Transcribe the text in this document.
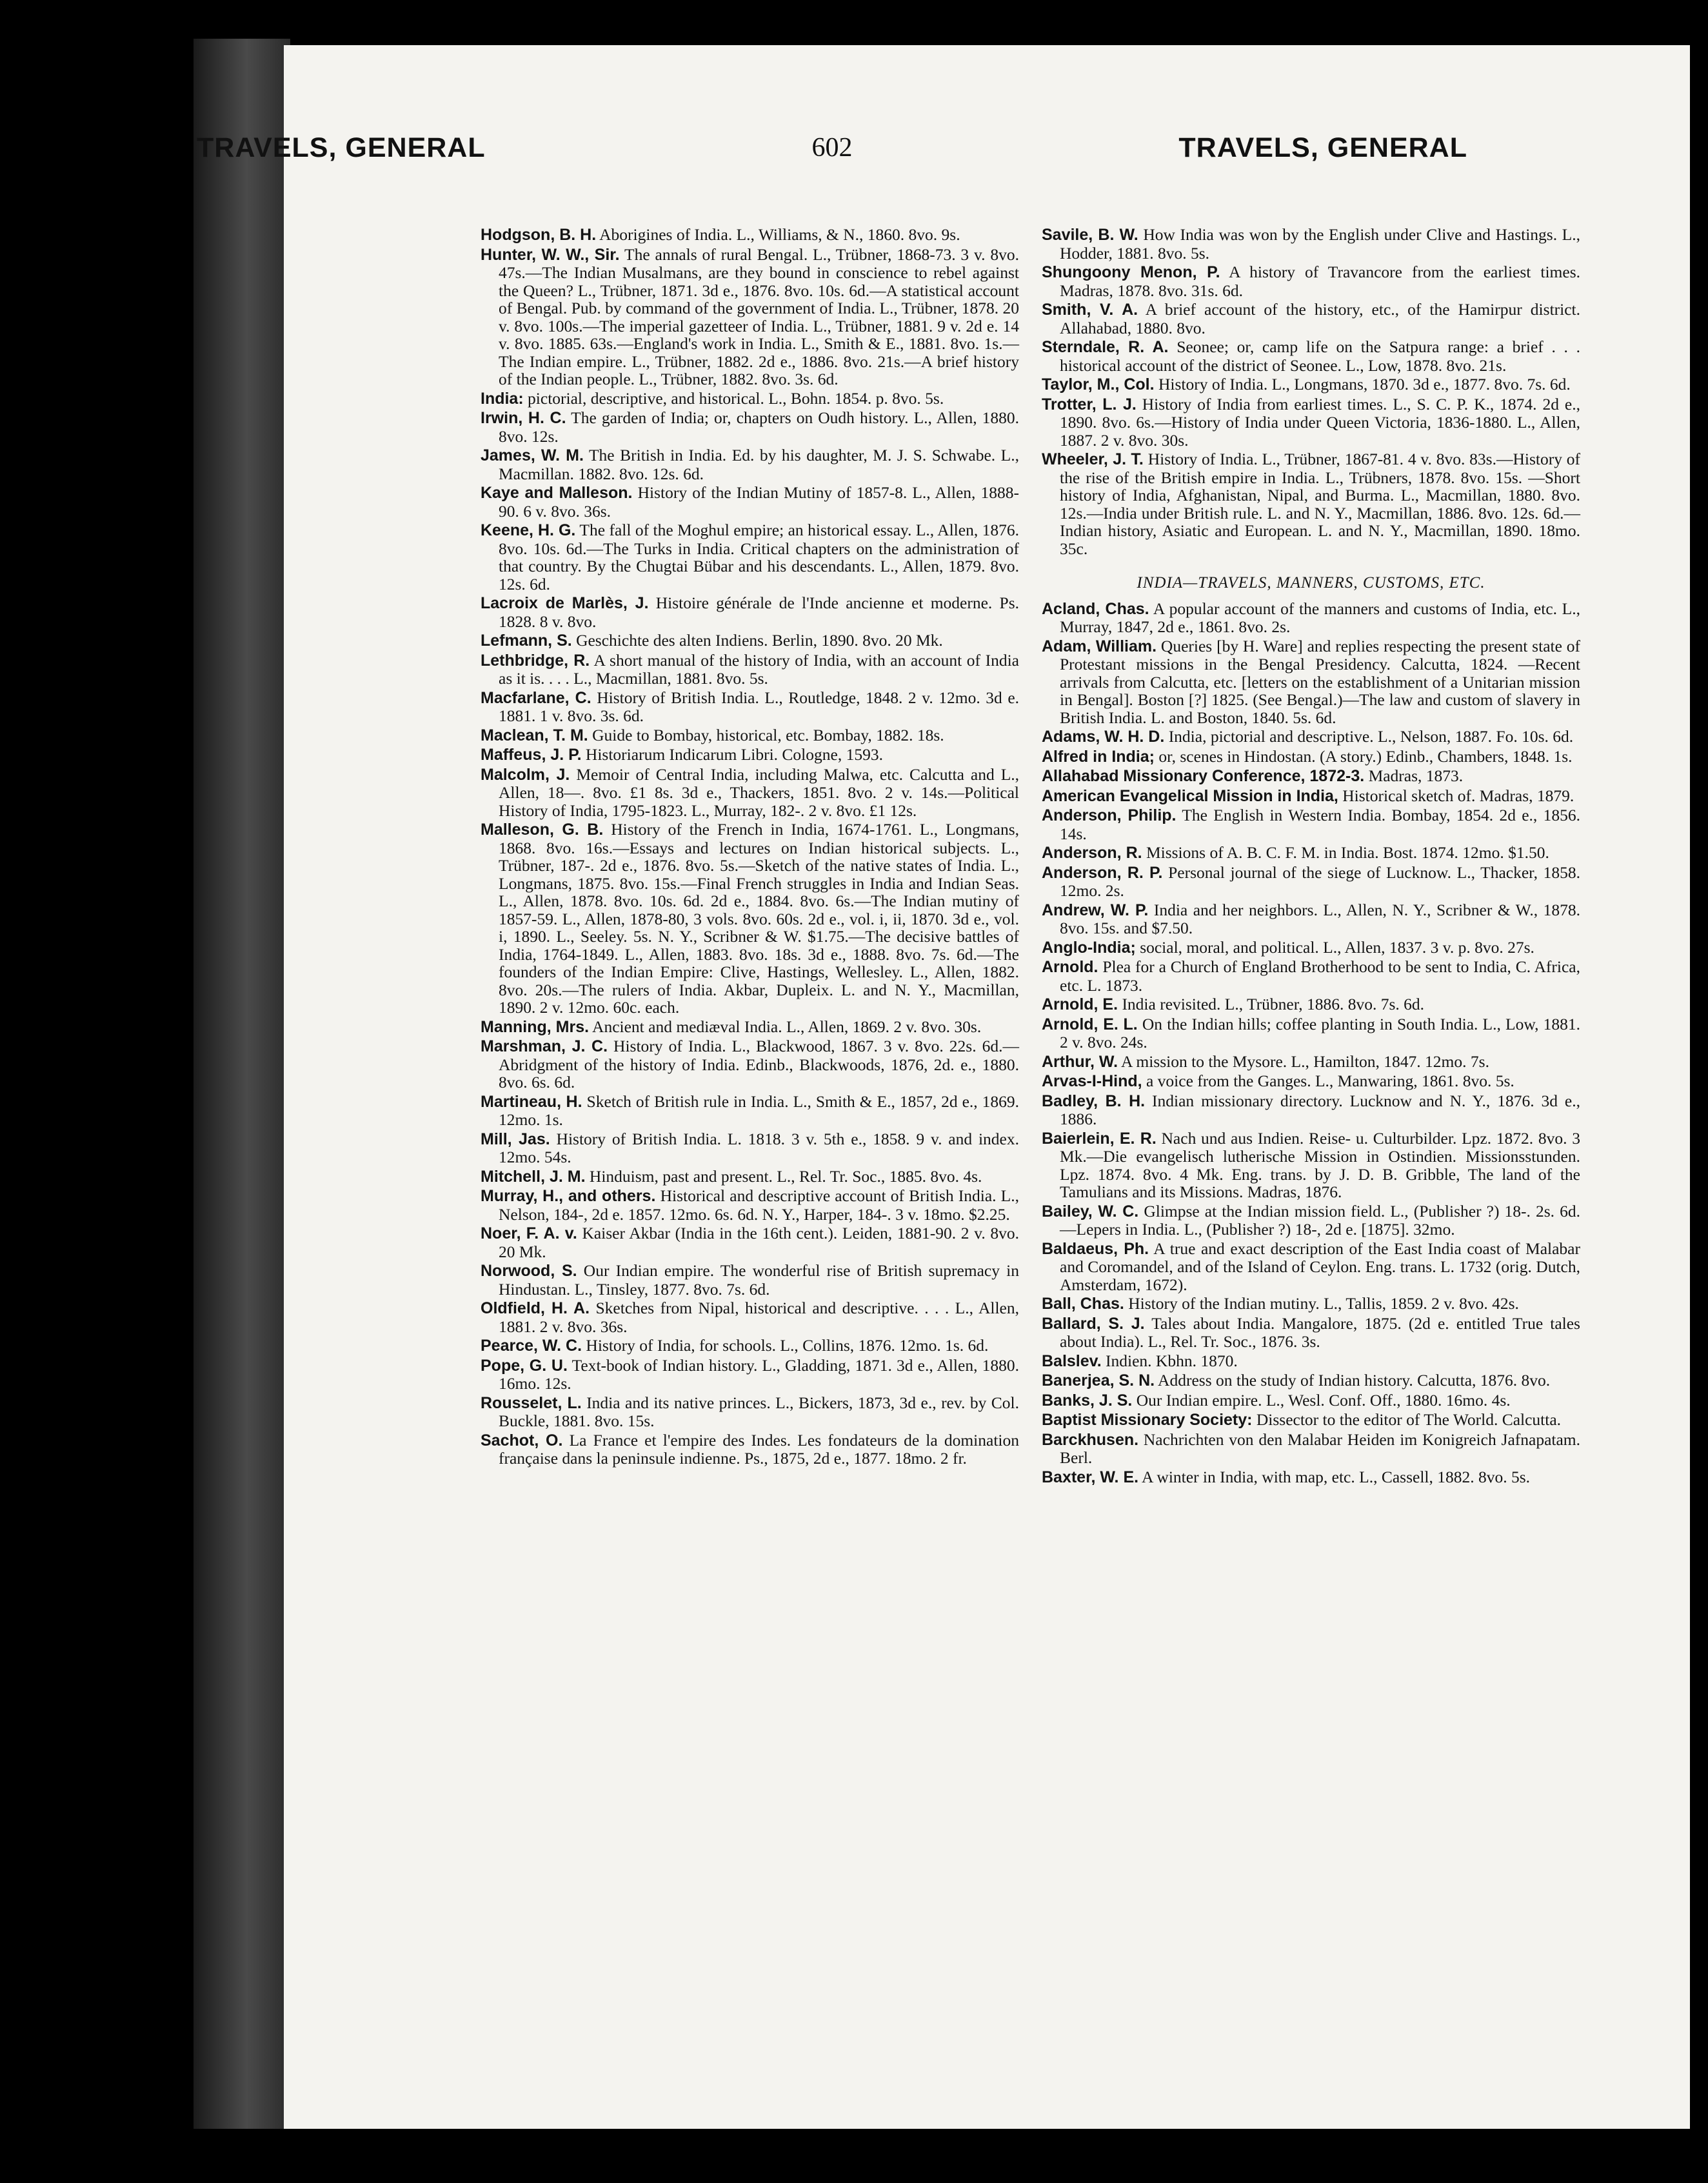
TRAVELS, GENERAL	602	TRAVELS, GENERAL

Hodgson, B. H. Aborigines of India. L., Williams, & N., 1860. 8vo. 9s.

Hunter, W. W., Sir. The annals of rural Bengal. L., Trübner, 1868-73. 3 v. 8vo. 47s.—The Indian Musalmans, are they bound in conscience to rebel against the Queen? L., Trübner, 1871. 3d e., 1876. 8vo. 10s. 6d.—A statistical account of Bengal. Pub. by command of the government of India. L., Trübner, 1878. 20 v. 8vo. 100s.—The imperial gazetteer of India. L., Trübner, 1881. 9 v. 2d e. 14 v. 8vo. 1885. 63s.—England's work in India. L., Smith & E., 1881. 8vo. 1s.—The Indian empire. L., Trübner, 1882. 2d e., 1886. 8vo. 21s.—A brief history of the Indian people. L., Trübner, 1882. 8vo. 3s. 6d.

India: pictorial, descriptive, and historical. L., Bohn. 1854. p. 8vo. 5s.

Irwin, H. C. The garden of India; or, chapters on Oudh history. L., Allen, 1880. 8vo. 12s.

James, W. M. The British in India. Ed. by his daughter, M. J. S. Schwabe. L., Macmillan. 1882. 8vo. 12s. 6d.

Kaye and Malleson. History of the Indian Mutiny of 1857-8. L., Allen, 1888-90. 6 v. 8vo. 36s.

Keene, H. G. The fall of the Moghul empire; an historical essay. L., Allen, 1876. 8vo. 10s. 6d.—The Turks in India. Critical chapters on the administration of that country. By the Chugtai Bübar and his descendants. L., Allen, 1879. 8vo. 12s. 6d.

Lacroix de Marlès, J. Histoire générale de l'Inde ancienne et moderne. Ps. 1828. 8 v. 8vo.

Lefmann, S. Geschichte des alten Indiens. Berlin, 1890. 8vo. 20 Mk.

Lethbridge, R. A short manual of the history of India, with an account of India as it is. . . . L., Macmillan, 1881. 8vo. 5s.

Macfarlane, C. History of British India. L., Routledge, 1848. 2 v. 12mo. 3d e. 1881. 1 v. 8vo. 3s. 6d.

Maclean, T. M. Guide to Bombay, historical, etc. Bombay, 1882. 18s.

Maffeus, J. P. Historiarum Indicarum Libri. Cologne, 1593.

Malcolm, J. Memoir of Central India, including Malwa, etc. Calcutta and L., Allen, 18—. 8vo. £1 8s. 3d e., Thackers, 1851. 8vo. 2 v. 14s.—Political History of India, 1795-1823. L., Murray, 182-. 2 v. 8vo. £1 12s.

Malleson, G. B. History of the French in India, 1674-1761. L., Longmans, 1868. 8vo. 16s.—Essays and lectures on Indian historical subjects. L., Trübner, 187-. 2d e., 1876. 8vo. 5s.—Sketch of the native states of India. L., Longmans, 1875. 8vo. 15s.—Final French struggles in India and Indian Seas. L., Allen, 1878. 8vo. 10s. 6d. 2d e., 1884. 8vo. 6s.—The Indian mutiny of 1857-59. L., Allen, 1878-80, 3 vols. 8vo. 60s. 2d e., vol. i, ii, 1870. 3d e., vol. i, 1890. L., Seeley. 5s. N. Y., Scribner & W. $1.75.—The decisive battles of India, 1764-1849. L., Allen, 1883. 8vo. 18s. 3d e., 1888. 8vo. 7s. 6d.—The founders of the Indian Empire: Clive, Hastings, Wellesley. L., Allen, 1882. 8vo. 20s.—The rulers of India. Akbar, Dupleix. L. and N. Y., Macmillan, 1890. 2 v. 12mo. 60c. each.

Manning, Mrs. Ancient and mediæval India. L., Allen, 1869. 2 v. 8vo. 30s.

Marshman, J. C. History of India. L., Blackwood, 1867. 3 v. 8vo. 22s. 6d.—Abridgment of the history of India. Edinb., Blackwoods, 1876, 2d. e., 1880. 8vo. 6s. 6d.

Martineau, H. Sketch of British rule in India. L., Smith & E., 1857, 2d e., 1869. 12mo. 1s.

Mill, Jas. History of British India. L. 1818. 3 v. 5th e., 1858. 9 v. and index. 12mo. 54s.

Mitchell, J. M. Hinduism, past and present. L., Rel. Tr. Soc., 1885. 8vo. 4s.

Murray, H., and others. Historical and descriptive account of British India. L., Nelson, 184-, 2d e. 1857. 12mo. 6s. 6d. N. Y., Harper, 184-. 3 v. 18mo. $2.25.

Noer, F. A. v. Kaiser Akbar (India in the 16th cent.). Leiden, 1881-90. 2 v. 8vo. 20 Mk.

Norwood, S. Our Indian empire. The wonderful rise of British supremacy in Hindustan. L., Tinsley, 1877. 8vo. 7s. 6d.

Oldfield, H. A. Sketches from Nipal, historical and descriptive. . . . L., Allen, 1881. 2 v. 8vo. 36s.

Pearce, W. C. History of India, for schools. L., Collins, 1876. 12mo. 1s. 6d.

Pope, G. U. Text-book of Indian history. L., Gladding, 1871. 3d e., Allen, 1880. 16mo. 12s.

Rousselet, L. India and its native princes. L., Bickers, 1873, 3d e., rev. by Col. Buckle, 1881. 8vo. 15s.

Sachot, O. La France et l'empire des Indes. Les fondateurs de la domination française dans la peninsule indienne. Ps., 1875, 2d e., 1877. 18mo. 2 fr.

Savile, B. W. How India was won by the English under Clive and Hastings. L., Hodder, 1881. 8vo. 5s.

Shungoony Menon, P. A history of Travancore from the earliest times. Madras, 1878. 8vo. 31s. 6d.

Smith, V. A. A brief account of the history, etc., of the Hamirpur district. Allahabad, 1880. 8vo.

Sterndale, R. A. Seonee; or, camp life on the Satpura range: a brief . . . historical account of the district of Seonee. L., Low, 1878. 8vo. 21s.

Taylor, M., Col. History of India. L., Longmans, 1870. 3d e., 1877. 8vo. 7s. 6d.

Trotter, L. J. History of India from earliest times. L., S. C. P. K., 1874. 2d e., 1890. 8vo. 6s.—History of India under Queen Victoria, 1836-1880. L., Allen, 1887. 2 v. 8vo. 30s.

Wheeler, J. T. History of India. L., Trübner, 1867-81. 4 v. 8vo. 83s.—History of the rise of the British empire in India. L., Trübners, 1878. 8vo. 15s. —Short history of India, Afghanistan, Nipal, and Burma. L., Macmillan, 1880. 8vo. 12s.—India under British rule. L. and N. Y., Macmillan, 1886. 8vo. 12s. 6d.—Indian history, Asiatic and European. L. and N. Y., Macmillan, 1890. 18mo. 35c.

INDIA—TRAVELS, MANNERS, CUSTOMS, ETC.

Acland, Chas. A popular account of the manners and customs of India, etc. L., Murray, 1847, 2d e., 1861. 8vo. 2s.

Adam, William. Queries [by H. Ware] and replies respecting the present state of Protestant missions in the Bengal Presidency. Calcutta, 1824. —Recent arrivals from Calcutta, etc. [letters on the establishment of a Unitarian mission in Bengal]. Boston [?] 1825. (See Bengal.)—The law and custom of slavery in British India. L. and Boston, 1840. 5s. 6d.

Adams, W. H. D. India, pictorial and descriptive. L., Nelson, 1887. Fo. 10s. 6d.

Alfred in India; or, scenes in Hindostan. (A story.) Edinb., Chambers, 1848. 1s.

Allahabad Missionary Conference, 1872-3. Madras, 1873.

American Evangelical Mission in India, Historical sketch of. Madras, 1879.

Anderson, Philip. The English in Western India. Bombay, 1854. 2d e., 1856. 14s.

Anderson, R. Missions of A. B. C. F. M. in India. Bost. 1874. 12mo. $1.50.

Anderson, R. P. Personal journal of the siege of Lucknow. L., Thacker, 1858. 12mo. 2s.

Andrew, W. P. India and her neighbors. L., Allen, N. Y., Scribner & W., 1878. 8vo. 15s. and $7.50.

Anglo-India; social, moral, and political. L., Allen, 1837. 3 v. p. 8vo. 27s.

Arnold. Plea for a Church of England Brotherhood to be sent to India, C. Africa, etc. L. 1873.

Arnold, E. India revisited. L., Trübner, 1886. 8vo. 7s. 6d.

Arnold, E. L. On the Indian hills; coffee planting in South India. L., Low, 1881. 2 v. 8vo. 24s.

Arthur, W. A mission to the Mysore. L., Hamilton, 1847. 12mo. 7s.

Arvas-I-Hind, a voice from the Ganges. L., Manwaring, 1861. 8vo. 5s.

Badley, B. H. Indian missionary directory. Lucknow and N. Y., 1876. 3d e., 1886.

Baierlein, E. R. Nach und aus Indien. Reise- u. Culturbilder. Lpz. 1872. 8vo. 3 Mk.—Die evangelisch lutherische Mission in Ostindien. Missionsstunden. Lpz. 1874. 8vo. 4 Mk. Eng. trans. by J. D. B. Gribble, The land of the Tamulians and its Missions. Madras, 1876.

Bailey, W. C. Glimpse at the Indian mission field. L., (Publisher ?) 18-. 2s. 6d.—Lepers in India. L., (Publisher ?) 18-, 2d e. [1875]. 32mo.

Baldaeus, Ph. A true and exact description of the East India coast of Malabar and Coromandel, and of the Island of Ceylon. Eng. trans. L. 1732 (orig. Dutch, Amsterdam, 1672).

Ball, Chas. History of the Indian mutiny. L., Tallis, 1859. 2 v. 8vo. 42s.

Ballard, S. J. Tales about India. Mangalore, 1875. (2d e. entitled True tales about India). L., Rel. Tr. Soc., 1876. 3s.

Balslev. Indien. Kbhn. 1870.

Banerjea, S. N. Address on the study of Indian history. Calcutta, 1876. 8vo.

Banks, J. S. Our Indian empire. L., Wesl. Conf. Off., 1880. 16mo. 4s.

Baptist Missionary Society: Dissector to the editor of The World. Calcutta.

Barckhusen. Nachrichten von den Malabar Heiden im Konigreich Jafnapatam. Berl.

Baxter, W. E. A winter in India, with map, etc. L., Cassell, 1882. 8vo. 5s.
